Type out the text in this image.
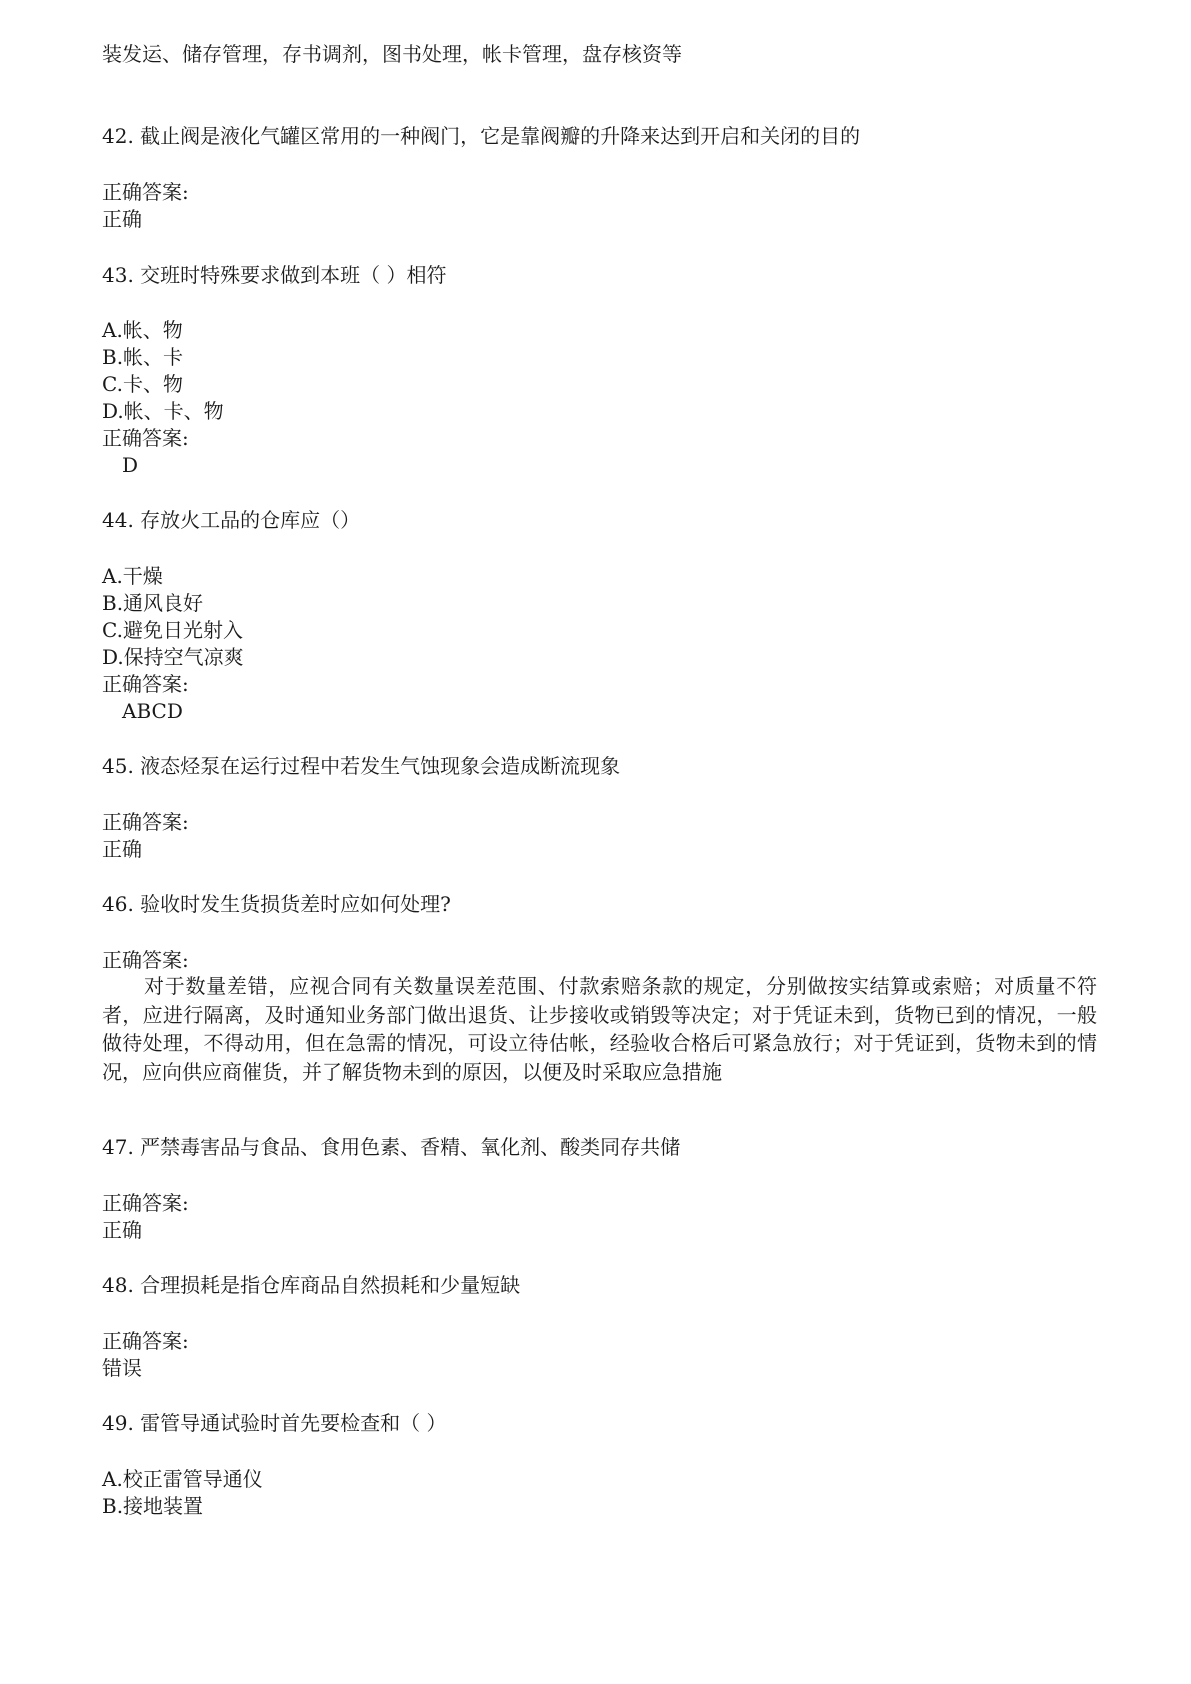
装发运、储存管理，存书调剂，图书处理，帐卡管理，盘存核资等
42. 截止阀是液化气罐区常用的一种阀门，它是靠阀瓣的升降来达到开启和关闭的目的
正确答案:
正确
43. 交班时特殊要求做到本班（ ）相符
A.帐、物
B.帐、卡
C.卡、物
D.帐、卡、物
正确答案:
D
44. 存放火工品的仓库应（）
A.干燥
B.通风良好
C.避免日光射入
D.保持空气凉爽
正确答案:
ABCD
45. 液态烃泵在运行过程中若发生气蚀现象会造成断流现象
正确答案:
正确
46. 验收时发生货损货差时应如何处理?
正确答案:
对于数量差错，应视合同有关数量误差范围、付款索赔条款的规定，分别做按实结算或索赔；对质量不符者，应进行隔离，及时通知业务部门做出退货、让步接收或销毁等决定；对于凭证未到，货物已到的情况，一般做待处理，不得动用，但在急需的情况，可设立待估帐，经验收合格后可紧急放行；对于凭证到，货物未到的情况，应向供应商催货，并了解货物未到的原因，以便及时采取应急措施
47. 严禁毒害品与食品、食用色素、香精、氧化剂、酸类同存共储
正确答案:
正确
48. 合理损耗是指仓库商品自然损耗和少量短缺
正确答案:
错误
49. 雷管导通试验时首先要检查和（ ）
A.校正雷管导通仪
B.接地装置
